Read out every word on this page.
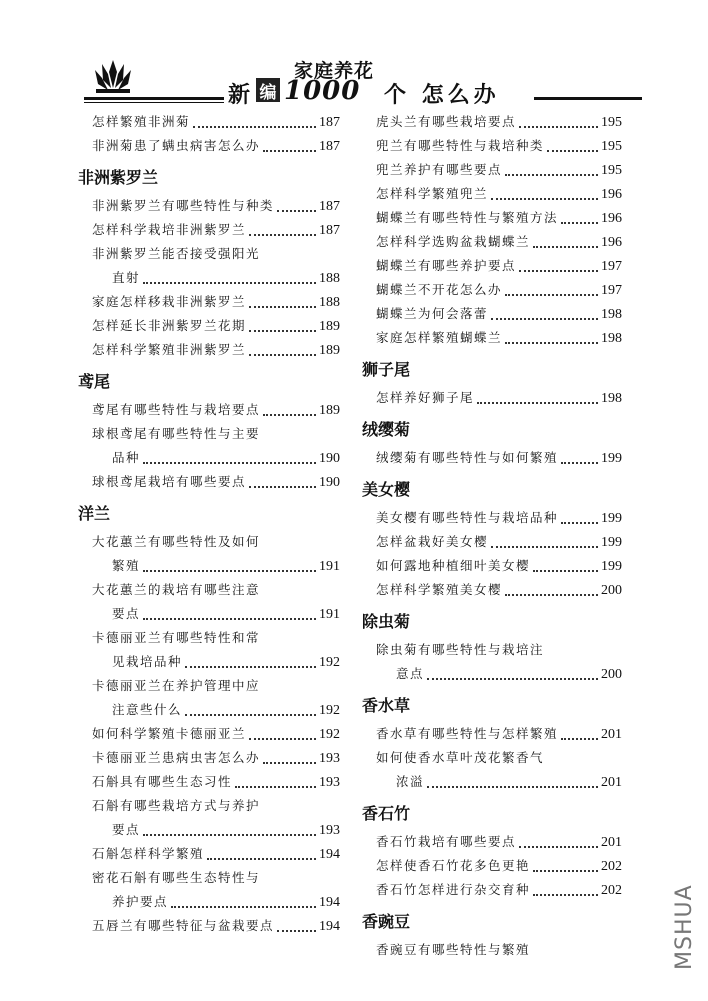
新 编
家庭养花
1000 个 怎么办
怎样繁殖非洲菊	187
非洲菊患了螨虫病害怎么办	187
非洲紫罗兰
非洲紫罗兰有哪些特性与种类	187
怎样科学栽培非洲紫罗兰	187
非洲紫罗兰能否接受强阳光
直射	188
家庭怎样移栽非洲紫罗兰	188
怎样延长非洲紫罗兰花期	189
怎样科学繁殖非洲紫罗兰	189
鸢尾
鸢尾有哪些特性与栽培要点	189
球根鸢尾有哪些特性与主要
品种	190
球根鸢尾栽培有哪些要点	190
洋兰
大花蕙兰有哪些特性及如何
繁殖	191
大花蕙兰的栽培有哪些注意
要点	191
卡德丽亚兰有哪些特性和常
见栽培品种	192
卡德丽亚兰在养护管理中应
注意些什么	192
如何科学繁殖卡德丽亚兰	192
卡德丽亚兰患病虫害怎么办	193
石斛具有哪些生态习性	193
石斛有哪些栽培方式与养护
要点	193
石斛怎样科学繁殖	194
密花石斛有哪些生态特性与
养护要点	194
五唇兰有哪些特征与盆栽要点	194
虎头兰有哪些栽培要点	195
兜兰有哪些特性与栽培种类	195
兜兰养护有哪些要点	195
怎样科学繁殖兜兰	196
蝴蝶兰有哪些特性与繁殖方法	196
怎样科学选购盆栽蝴蝶兰	196
蝴蝶兰有哪些养护要点	197
蝴蝶兰不开花怎么办	197
蝴蝶兰为何会落蕾	198
家庭怎样繁殖蝴蝶兰	198
狮子尾
怎样养好狮子尾	198
绒缨菊
绒缨菊有哪些特性与如何繁殖	199
美女樱
美女樱有哪些特性与栽培品种	199
怎样盆栽好美女樱	199
如何露地种植细叶美女樱	199
怎样科学繁殖美女樱	200
除虫菊
除虫菊有哪些特性与栽培注
意点	200
香水草
香水草有哪些特性与怎样繁殖	201
如何使香水草叶茂花繁香气
浓溢	201
香石竹
香石竹栽培有哪些要点	201
怎样使香石竹花多色更艳	202
香石竹怎样进行杂交育种	202
香豌豆
香豌豆有哪些特性与繁殖	MSHUA
